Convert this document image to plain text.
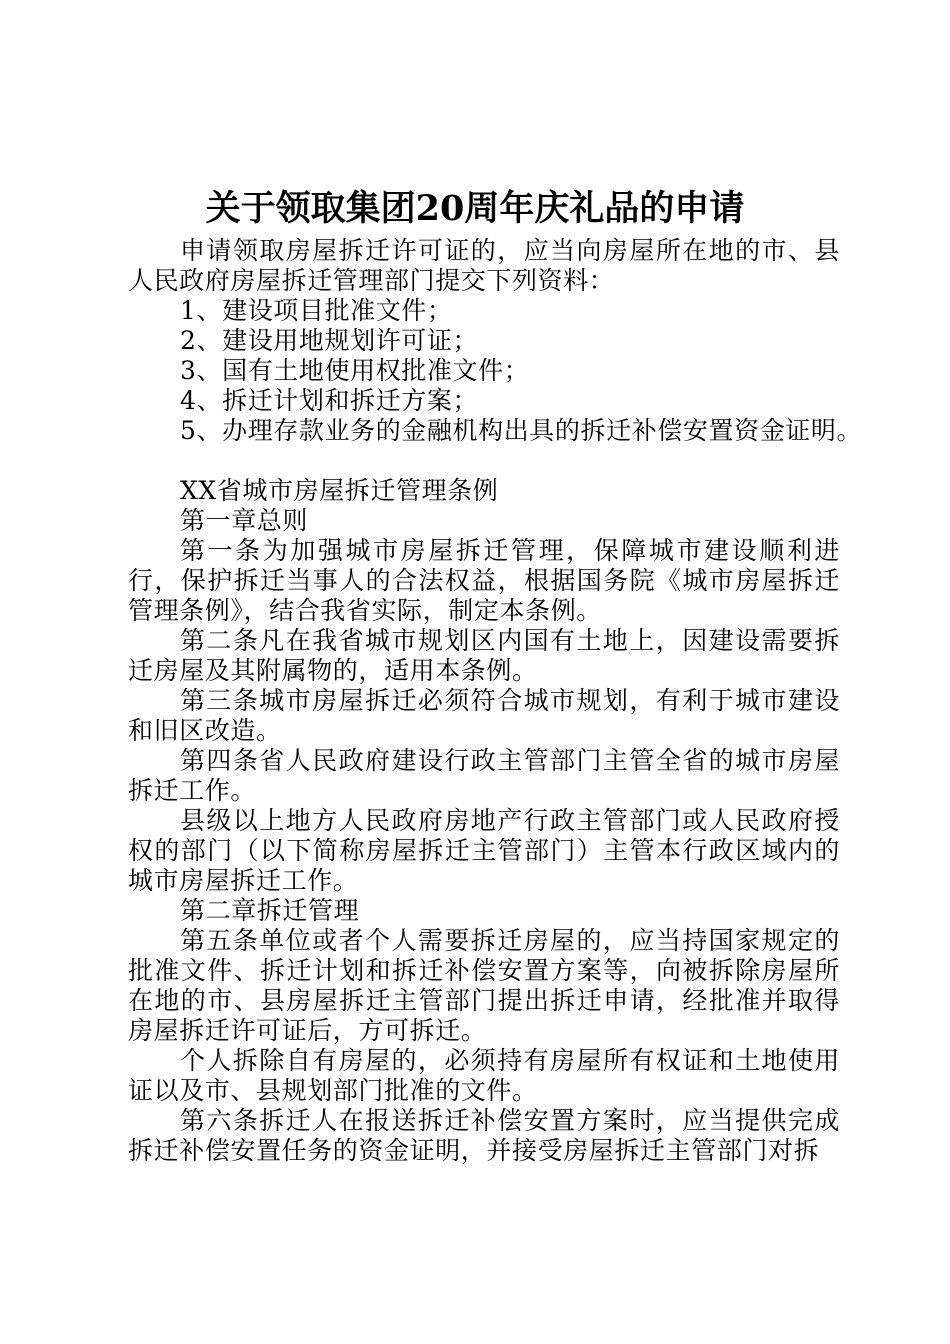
关于领取集团20周年庆礼品的申请

申请领取房屋拆迁许可证的，应当向房屋所在地的市、县人民政府房屋拆迁管理部门提交下列资料：

1、建设项目批准文件；

2、建设用地规划许可证；

3、国有土地使用权批准文件；

4、拆迁计划和拆迁方案；

5、办理存款业务的金融机构出具的拆迁补偿安置资金证明。

XX省城市房屋拆迁管理条例

第一章总则

第一条为加强城市房屋拆迁管理，保障城市建设顺利进行，保护拆迁当事人的合法权益，根据国务院《城市房屋拆迁管理条例》，结合我省实际，制定本条例。

第二条凡在我省城市规划区内国有土地上，因建设需要拆迁房屋及其附属物的，适用本条例。

第三条城市房屋拆迁必须符合城市规划，有利于城市建设和旧区改造。

第四条省人民政府建设行政主管部门主管全省的城市房屋拆迁工作。

县级以上地方人民政府房地产行政主管部门或人民政府授权的部门（以下简称房屋拆迁主管部门）主管本行政区域内的城市房屋拆迁工作。

第二章拆迁管理

第五条单位或者个人需要拆迁房屋的，应当持国家规定的批准文件、拆迁计划和拆迁补偿安置方案等，向被拆除房屋所在地的市、县房屋拆迁主管部门提出拆迁申请，经批准并取得房屋拆迁许可证后，方可拆迁。

个人拆除自有房屋的，必须持有房屋所有权证和土地使用证以及市、县规划部门批准的文件。

第六条拆迁人在报送拆迁补偿安置方案时，应当提供完成拆迁补偿安置任务的资金证明，并接受房屋拆迁主管部门对拆
